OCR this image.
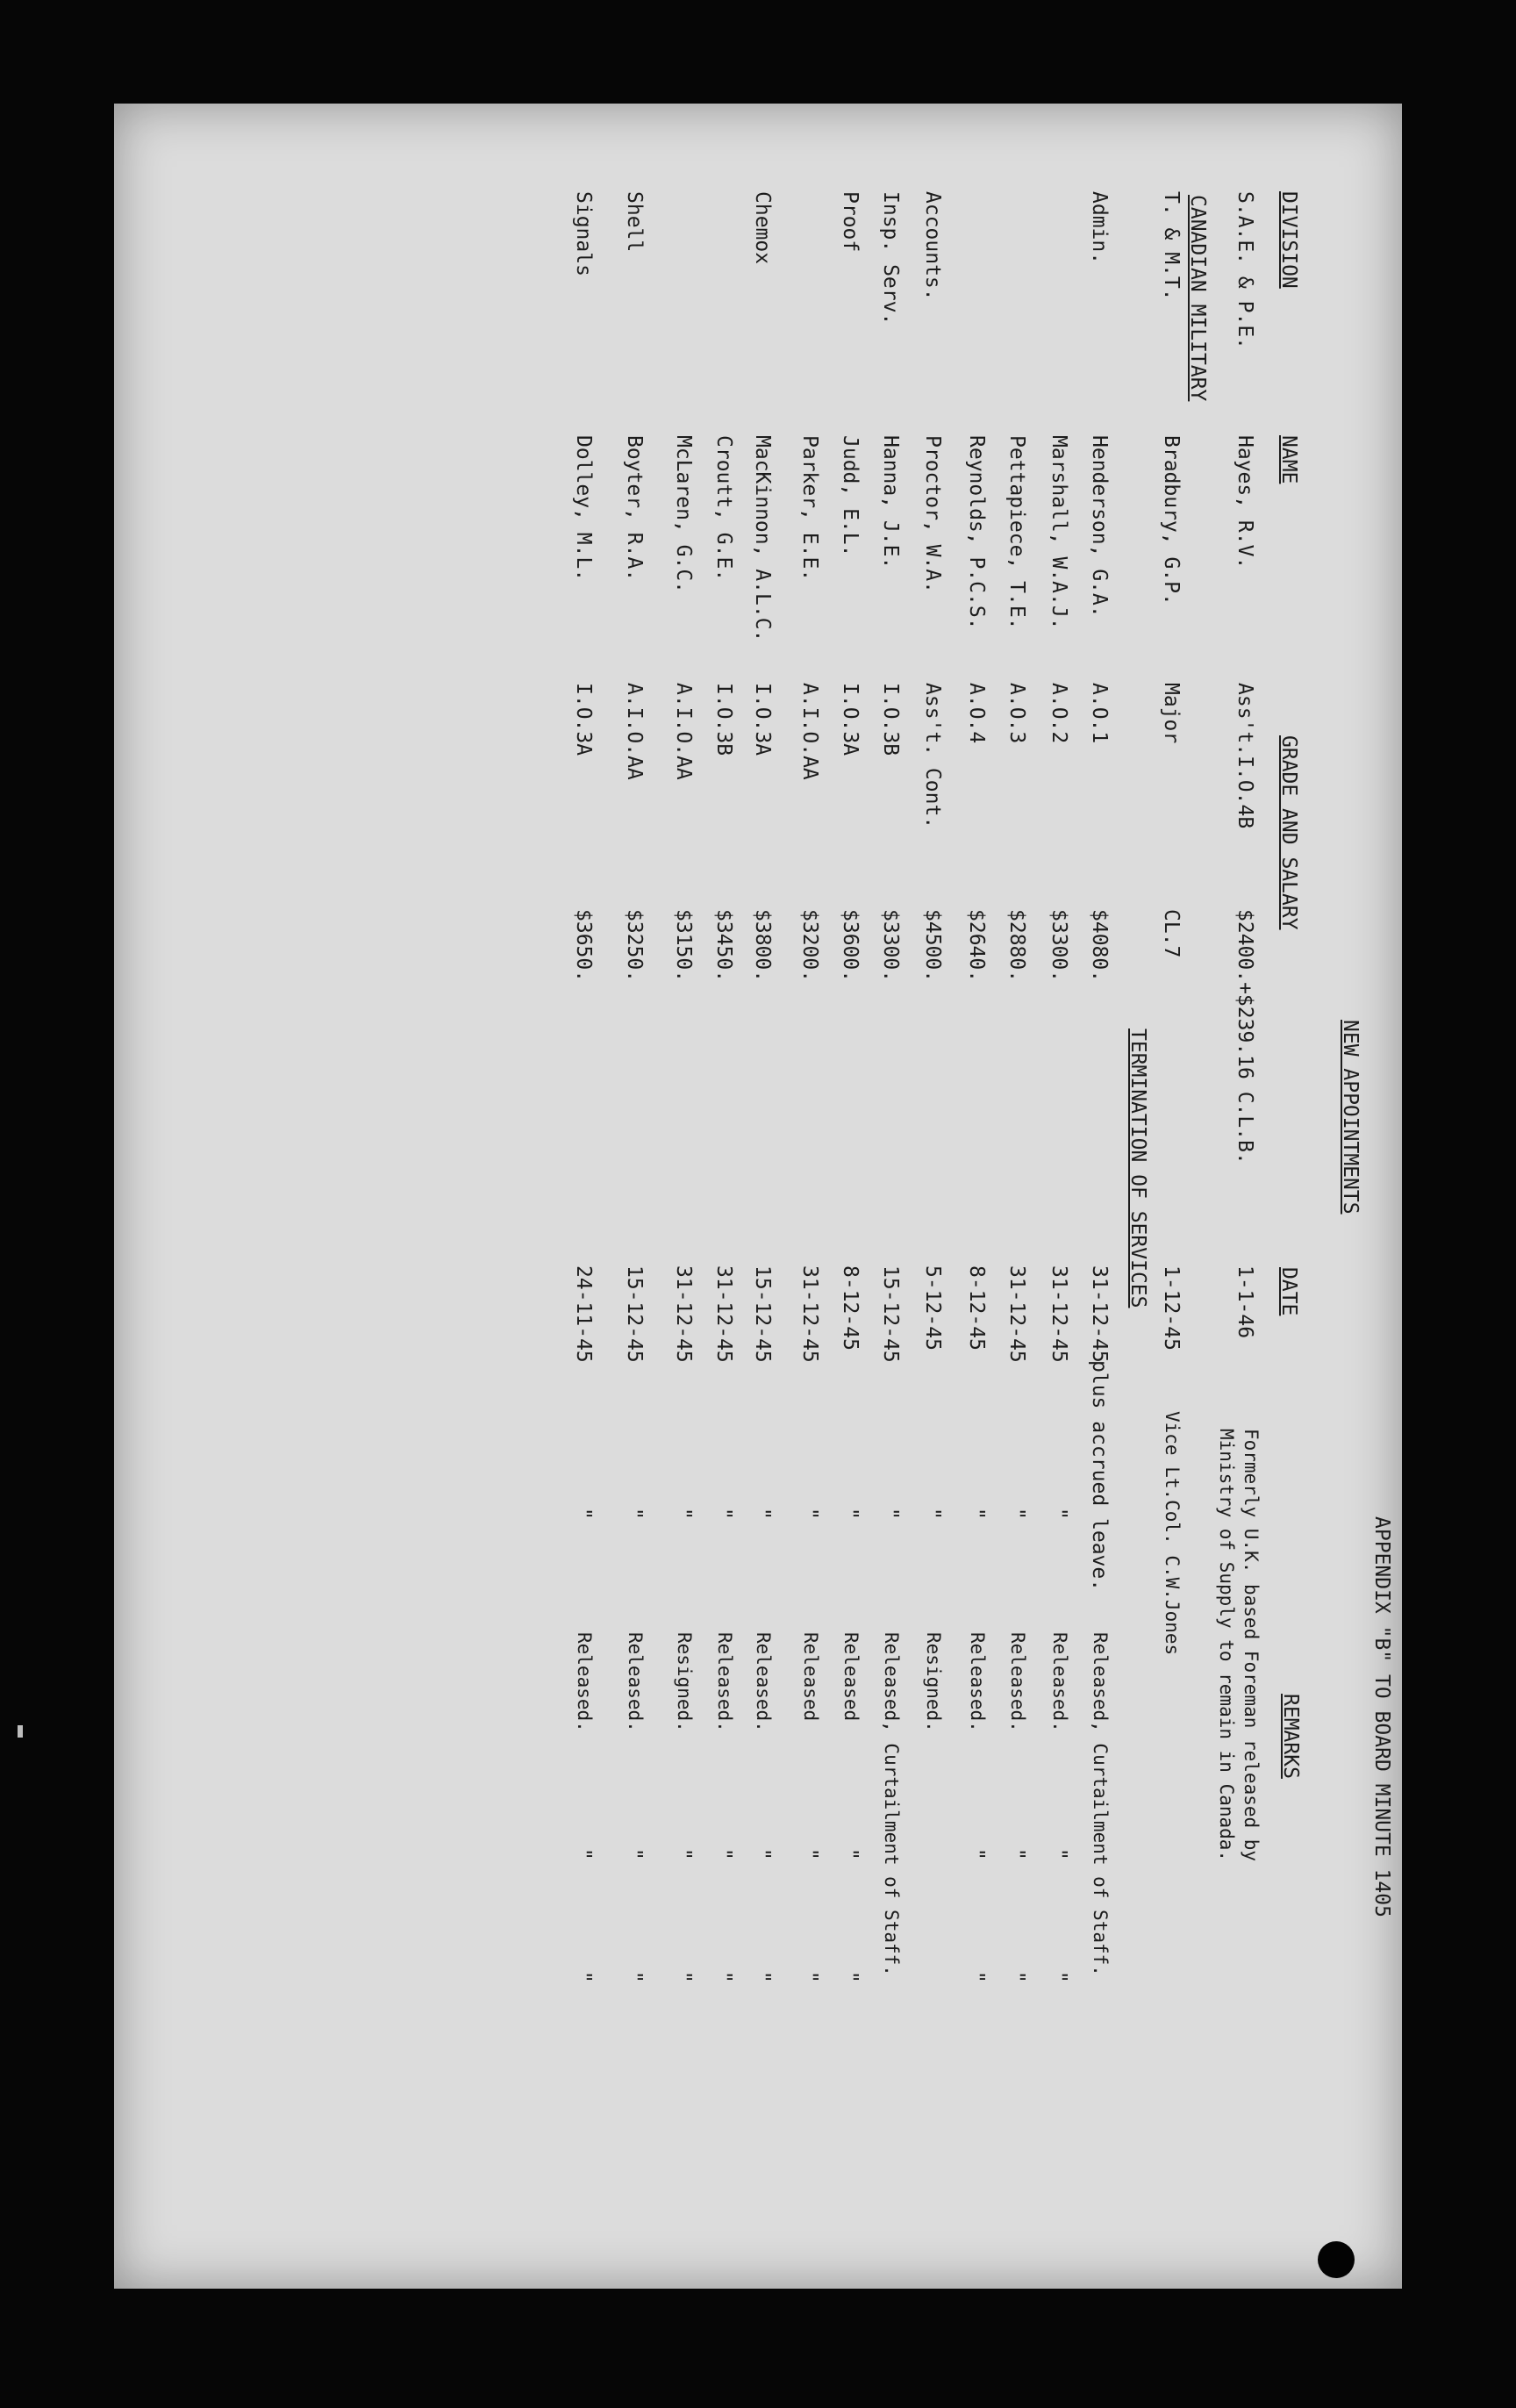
APPENDIX "B" TO BOARD MINUTE 1405
NEW APPOINTMENTS
DIVISION
NAME
GRADE AND SALARY
DATE
REMARKS
S.A.E. & P.E.
Hayes, R.V.
Ass't.I.O.4B
$2400.+$239.16 C.L.B.
1-1-46
Formerly U.K. based Foreman released by
Ministry of Supply to remain in Canada.
CANADIAN MILITARY
T. & M.T.
Bradbury, G.P.
Major
CL.7
1-12-45
Vice Lt.Col. C.W.Jones
TERMINATION OF SERVICES
Admin.
Henderson, G.A.
A.O.1
$4080.
31-12-45
plus accrued leave.
Released, Curtailment of Staff.
Marshall, W.A.J.
A.O.2
$3300.
31-12-45
"
Released.
"
"
Pettapiece, T.E.
A.O.3
$2880.
31-12-45
"
Released.
"
"
Reynolds, P.C.S.
A.O.4
$2640.
8-12-45
"
Released.
"
"
Accounts.
Proctor, W.A.
Ass't. Cont.
$4500.
5-12-45
"
Resigned.
Insp. Serv.
Hanna, J.E.
I.O.3B
$3300.
15-12-45
"
Released, Curtailment of Staff.
Proof
Judd, E.L.
I.O.3A
$3600.
8-12-45
"
Released
"
"
Parker, E.E.
A.I.O.AA
$3200.
31-12-45
"
Released
"
"
Chemox
MacKinnon, A.L.C.
I.O.3A
$3800.
15-12-45
"
Released.
"
"
Croutt, G.E.
I.O.3B
$3450.
31-12-45
"
Released.
"
"
McLaren, G.C.
A.I.O.AA
$3150.
31-12-45
"
Resigned.
"
"
Shell
Boyter, R.A.
A.I.O.AA
$3250.
15-12-45
"
Released.
"
"
Signals
Dolley, M.L.
I.O.3A
$3650.
24-11-45
"
Released.
"
"
